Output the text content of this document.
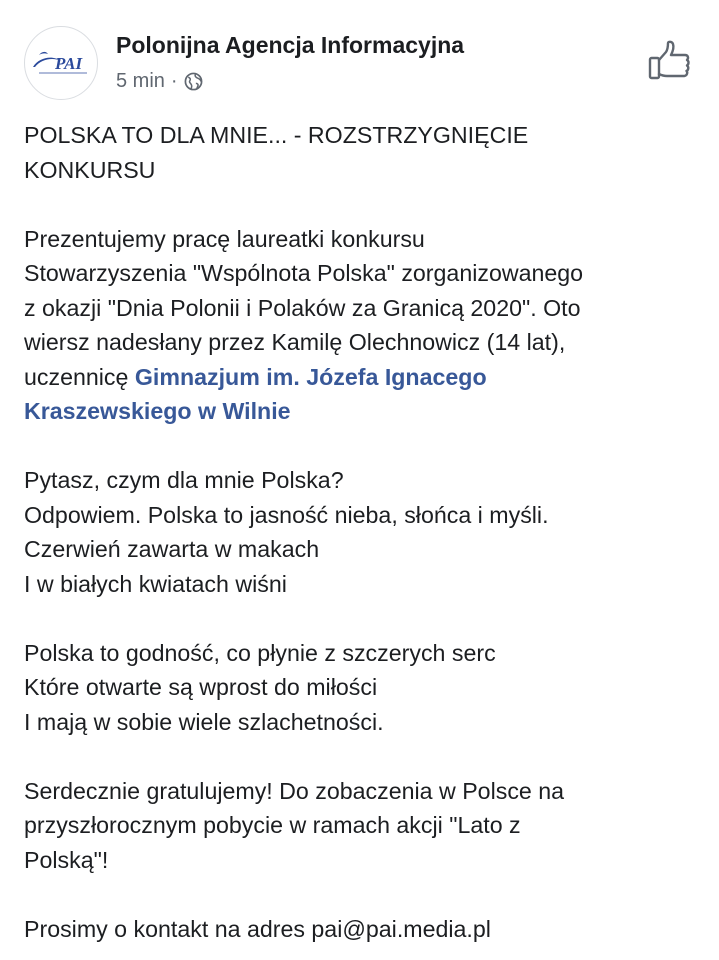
PAI
Polonijna Agencja Informacyjna
5 min ·

POLSKA TO DLA MNIE... - ROZSTRZYGNIĘCIE
KONKURSU

Prezentujemy pracę laureatki konkursu
Stowarzyszenia "Wspólnota Polska" zorganizowanego
z okazji "Dnia Polonii i Polaków za Granicą 2020". Oto
wiersz nadesłany przez Kamilę Olechnowicz (14 lat),
uczennicę Gimnazjum im. Józefa Ignacego
Kraszewskiego w Wilnie

Pytasz, czym dla mnie Polska?
Odpowiem. Polska to jasność nieba, słońca i myśli.
Czerwień zawarta w makach
I w białych kwiatach wiśni

Polska to godność, co płynie z szczerych serc
Które otwarte są wprost do miłości
I mają w sobie wiele szlachetności.

Serdecznie gratulujemy! Do zobaczenia w Polsce na
przyszłorocznym pobycie w ramach akcji "Lato z
Polską"!

Prosimy o kontakt na adres pai@pai.media.pl
